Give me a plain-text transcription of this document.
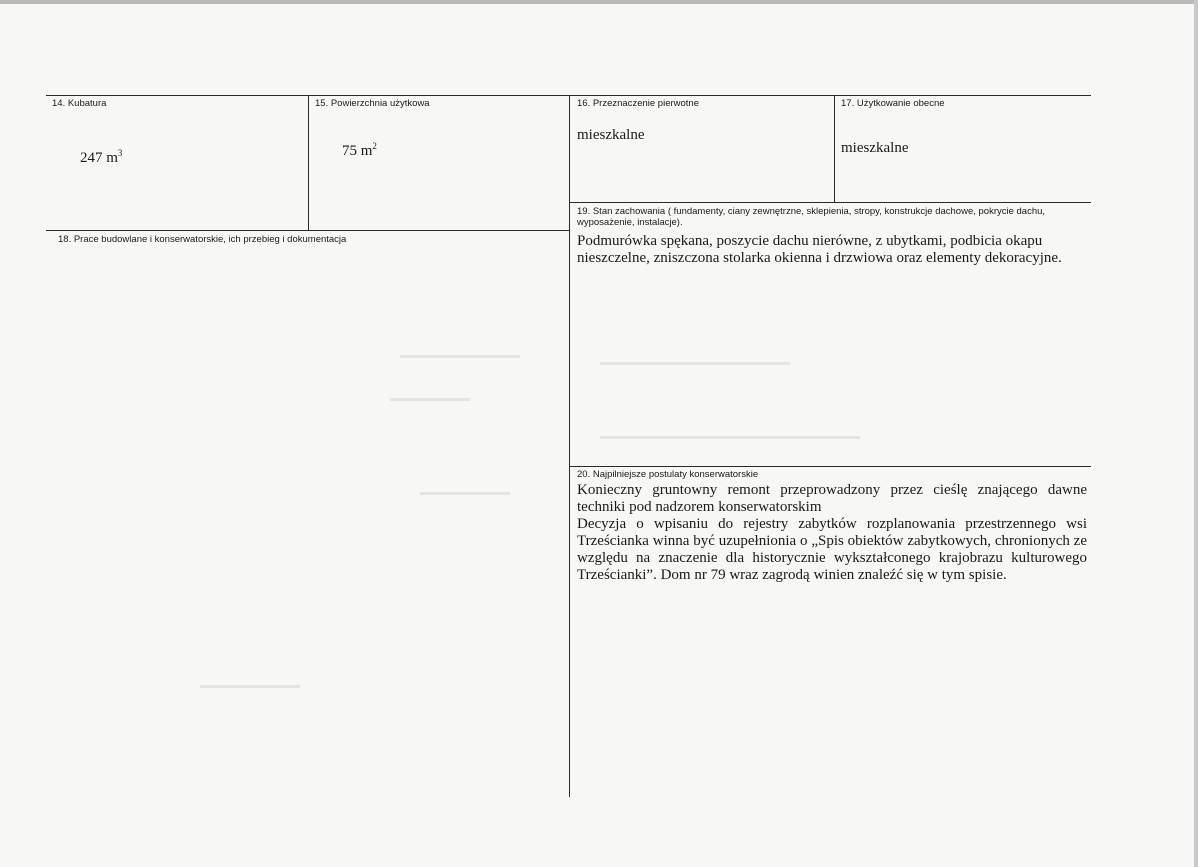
14. Kubatura
247 $m^3$
15. Powierzchnia użytkowa
75 $m^2$
16. Przeznaczenie pierwotne
mieszkalne
17. Użytkowanie obecne
mieszkalne
18. Prace budowlane i konserwatorskie, ich przebieg i dokumentacja
19. Stan zachowania ( fundamenty, ciany zewnętrzne, sklepienia, stropy, konstrukcje dachowe, pokrycie dachu, wyposażenie, instalacje).
Podmurówka spękana, poszycie dachu nierówne, z ubytkami, podbicia okapu nieszczelne, zniszczona stolarka okienna i drzwiowa oraz elementy dekoracyjne.
20. Najpilniejsze postulaty konserwatorskie

Konieczny gruntowny remont przeprowadzony przez cieślę znającego dawne techniki pod nadzorem konserwatorskim

Decyzja o wpisaniu do rejestry zabytków rozplanowania przestrzennego wsi Trześcianka winna być uzupełnionia o „Spis obiektów zabytkowych, chronionych ze względu na znaczenie dla historycznie wykształconego krajobrazu kulturowego Trześcianki”. Dom nr 79 wraz zagrodą winien znaleźć się w tym spisie.
